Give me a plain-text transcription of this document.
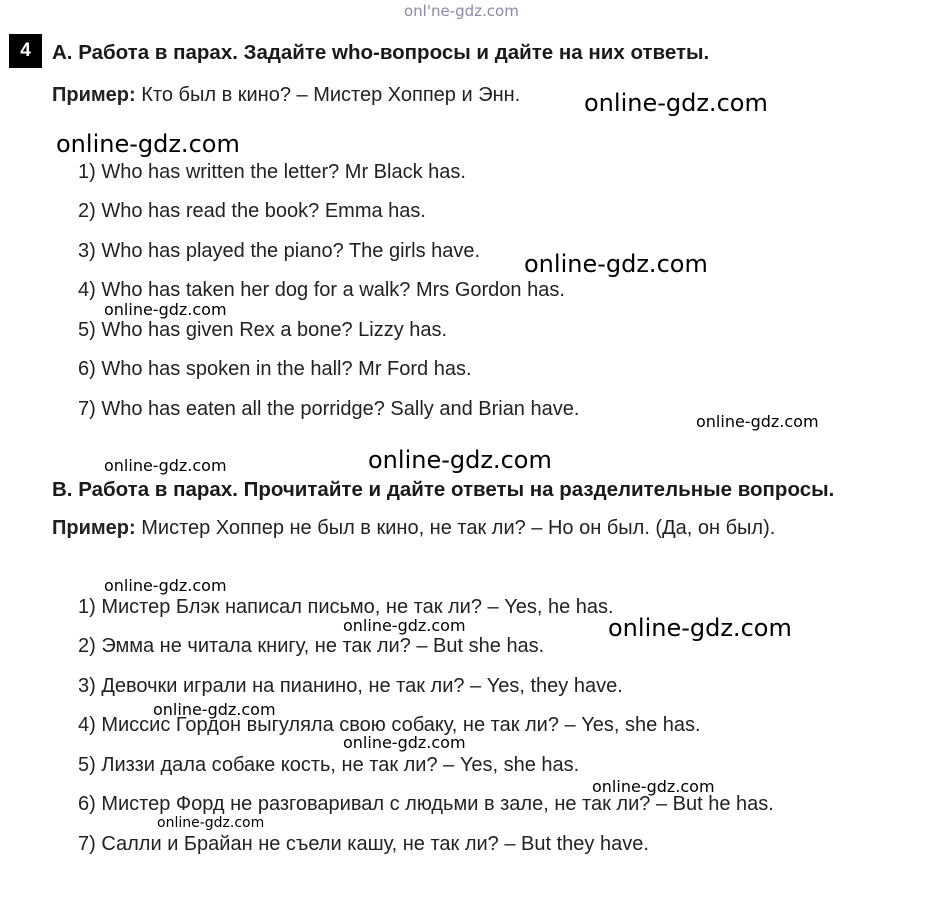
onl'ne-gdz.com
4	A. Работа в парах. Задайте who-вопросы и дайте на них ответы.
Пример: Кто был в кино? – Мистер Хоппер и Энн.
1) Who has written the letter? Mr Black has.
2) Who has read the book? Emma has.
3) Who has played the piano? The girls have.
4) Who has taken her dog for a walk? Mrs Gordon has.
5) Who has given Rex a bone? Lizzy has.
6) Who has spoken in the hall? Mr Ford has.
7) Who has eaten all the porridge? Sally and Brian have.
B. Работа в парах. Прочитайте и дайте ответы на разделительные вопросы.
Пример: Мистер Хоппер не был в кино, не так ли? – Но он был. (Да, он был).
1) Мистер Блэк написал письмо, не так ли? – Yes, he has.
2) Эмма не читала книгу, не так ли? – But she has.
3) Девочки играли на пианино, не так ли? – Yes, they have.
4) Миссис Гордон выгуляла свою собаку, не так ли? – Yes, she has.
5) Лиззи дала собаке кость, не так ли? – Yes, she has.
6) Мистер Форд не разговаривал с людьми в зале, не так ли? – But he has.
7) Салли и Брайан не съели кашу, не так ли? – But they have.
online-gdz.com
online-gdz.com
online-gdz.com
online-gdz.com
online-gdz.com
online-gdz.com	online-gdz.com
online-gdz.com
online-gdz.com	online-gdz.com
online-gdz.com
online-gdz.com
online-gdz.com
online-gdz.com
